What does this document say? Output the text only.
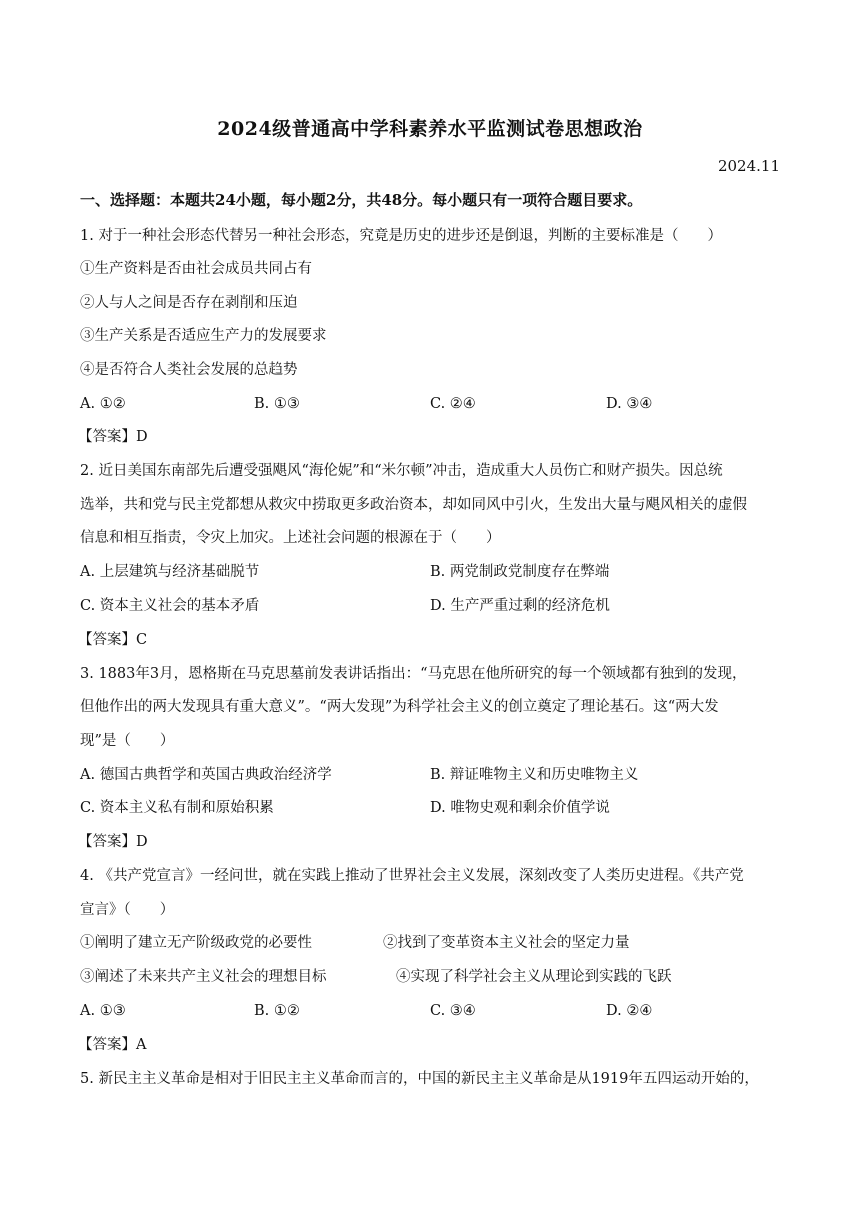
2024级普通高中学科素养水平监测试卷思想政治
2024.11
一、选择题：本题共24小题，每小题2分，共48分。每小题只有一项符合题目要求。
1. 对于一种社会形态代替另一种社会形态，究竟是历史的进步还是倒退，判断的主要标准是（　　）
①生产资料是否由社会成员共同占有
②人与人之间是否存在剥削和压迫
③生产关系是否适应生产力的发展要求
④是否符合人类社会发展的总趋势
A. ①②	B. ①③	C. ②④	D. ③④
【答案】D
2. 近日美国东南部先后遭受强飓风“海伦妮”和“米尔顿”冲击，造成重大人员伤亡和财产损失。因总统
选举，共和党与民主党都想从救灾中捞取更多政治资本，却如同风中引火，生发出大量与飓风相关的虚假
信息和相互指责，令灾上加灾。上述社会问题的根源在于（　　）
A. 上层建筑与经济基础脱节	B. 两党制政党制度存在弊端
C. 资本主义社会的基本矛盾	D. 生产严重过剩的经济危机
【答案】C
3. 1883年3月，恩格斯在马克思墓前发表讲话指出：“马克思在他所研究的每一个领域都有独到的发现，
但他作出的两大发现具有重大意义”。“两大发现”为科学社会主义的创立奠定了理论基石。这“两大发
现”是（　　）
A. 德国古典哲学和英国古典政治经济学	B. 辩证唯物主义和历史唯物主义
C. 资本主义私有制和原始积累	D. 唯物史观和剩余价值学说
【答案】D
4. 《共产党宣言》一经问世，就在实践上推动了世界社会主义发展，深刻改变了人类历史进程。《共产党
宣言》（　　）
①阐明了建立无产阶级政党的必要性	②找到了变革资本主义社会的坚定力量
③阐述了未来共产主义社会的理想目标	④实现了科学社会主义从理论到实践的飞跃
A. ①③	B. ①②	C. ③④	D. ②④
【答案】A
5. 新民主主义革命是相对于旧民主主义革命而言的，中国的新民主主义革命是从1919年五四运动开始的，
